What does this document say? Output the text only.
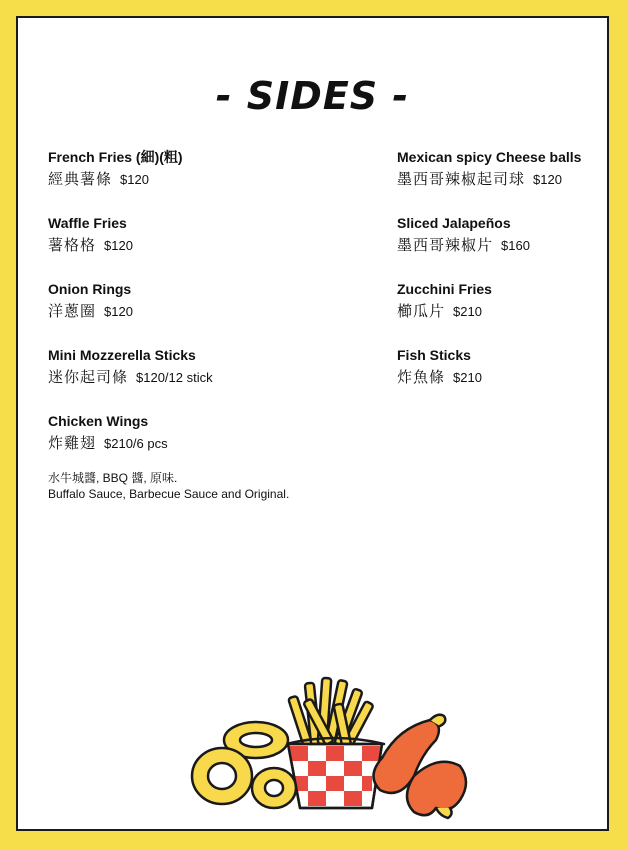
- SIDES -
French Fries (細)(粗)
經典薯條 $120
Waffle Fries
薯格格 $120
Onion Rings
洋蔥圈 $120
Mini Mozzerella Sticks
迷你起司條 $120/12 stick
Chicken Wings
炸雞翅 $210/6 pcs
Mexican spicy Cheese balls
墨西哥辣椒起司球 $120
Sliced Jalapeños
墨西哥辣椒片 $160
Zucchini Fries
櫛瓜片 $210
Fish Sticks
炸魚條 $210
水牛城醬, BBQ 醬, 原味.
Buffalo Sauce, Barbecue Sauce and Original.
